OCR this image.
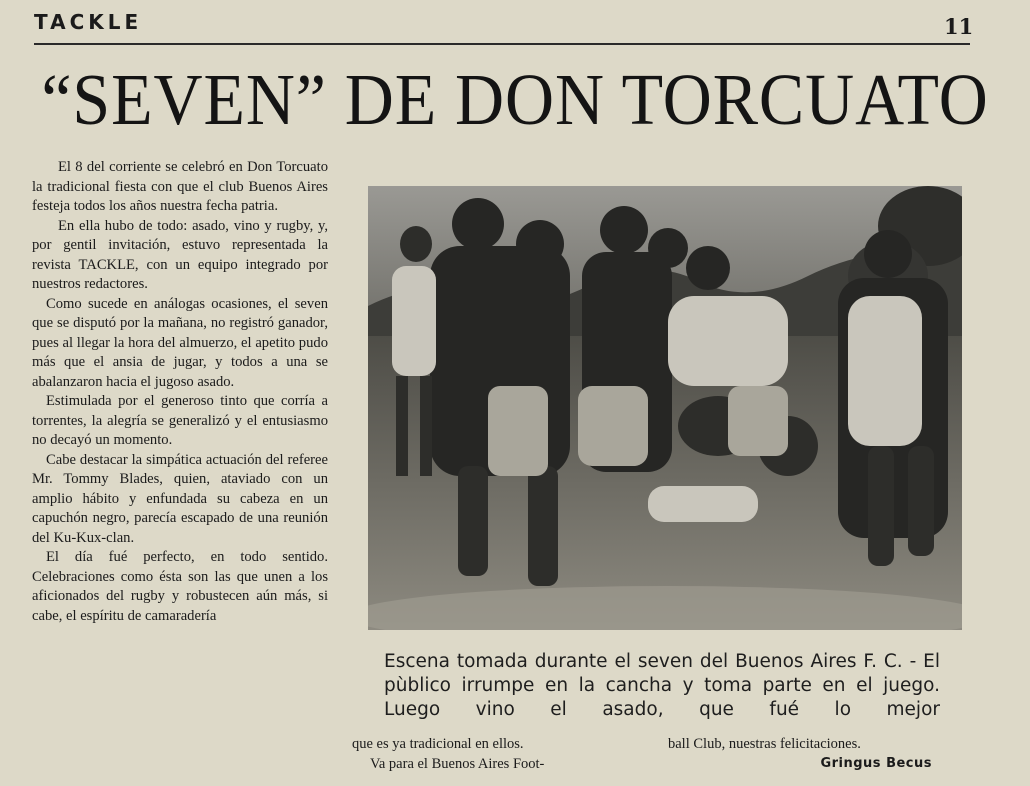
TACKLE	11
“SEVEN” DE DON TORCUATO

El 8 del corriente se celebró en Don Torcuato la tradicional fiesta con que el club Buenos Aires festeja todos los años nuestra fecha patria.

En ella hubo de todo: asado, vino y rugby, y, por gentil invitación, estuvo representada la revista TACKLE, con un equipo integrado por nuestros redactores.

Como sucede en análogas ocasiones, el seven que se disputó por la mañana, no registró ganador, pues al llegar la hora del almuerzo, el apetito pudo más que el ansia de jugar, y todos a una se abalanzaron hacia el jugoso asado.

Estimulada por el generoso tinto que corría a torrentes, la alegría se generalizó y el entusiasmo no decayó un momento.

Cabe destacar la simpática actuación del referee Mr. Tommy Blades, quien, ataviado con un amplio hábito y enfundada su cabeza en un capuchón negro, parecía escapado de una reunión del Ku-Kux-clan.

El día fué perfecto, en todo sentido. Celebraciones como ésta son las que unen a los aficionados del rugby y robustecen aún más, si cabe, el espíritu de camaradería

Escena tomada durante el seven del Buenos Aires F. C. - El pùblico irrumpe en la cancha y toma parte en el juego. Luego vino el asado, que fué lo mejor
que es ya tradicional en ellos.
Va para el Buenos Aires Foot-
ball Club, nuestras felicitaciones.
Gringus Becus
